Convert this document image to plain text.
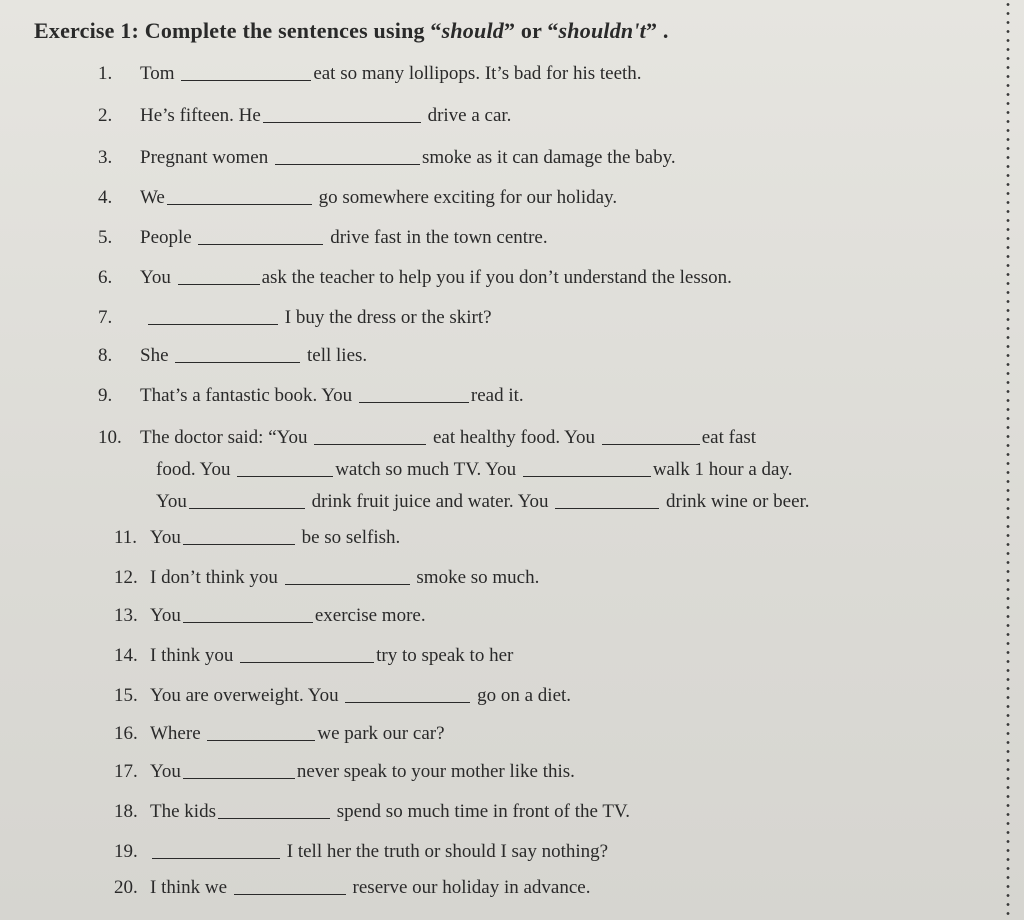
Exercise 1: Complete the sentences using “should” or “shouldn't” .
1. Tom	eat so many lollipops. It’s bad for his teeth.
2. He’s fifteen. He	drive a car.
3. Pregnant women	smoke as it can damage the baby.
4. We	go somewhere exciting for our holiday.
5. People	drive fast in the town centre.
6. You	ask the teacher to help you if you don’t understand the lesson.
7.	I buy the dress or the skirt?
8. She	tell lies.
9. That’s a fantastic book. You	read it.
10. The doctor said: “You	eat healthy food. You	eat fast
food. You	watch so much TV. You	walk 1 hour a day.
You	drink fruit juice and water. You	drink wine or beer.
11. You	be so selfish.
12. I don’t think you	smoke so much.
13. You	exercise more.
14. I think you	try to speak to her
15. You are overweight. You	go on a diet.
16. Where	we park our car?
17. You	never speak to your mother like this.
18. The kids	spend so much time in front of the TV.
19.	I tell her the truth or should I say nothing?
20. I think we	reserve our holiday in advance.
